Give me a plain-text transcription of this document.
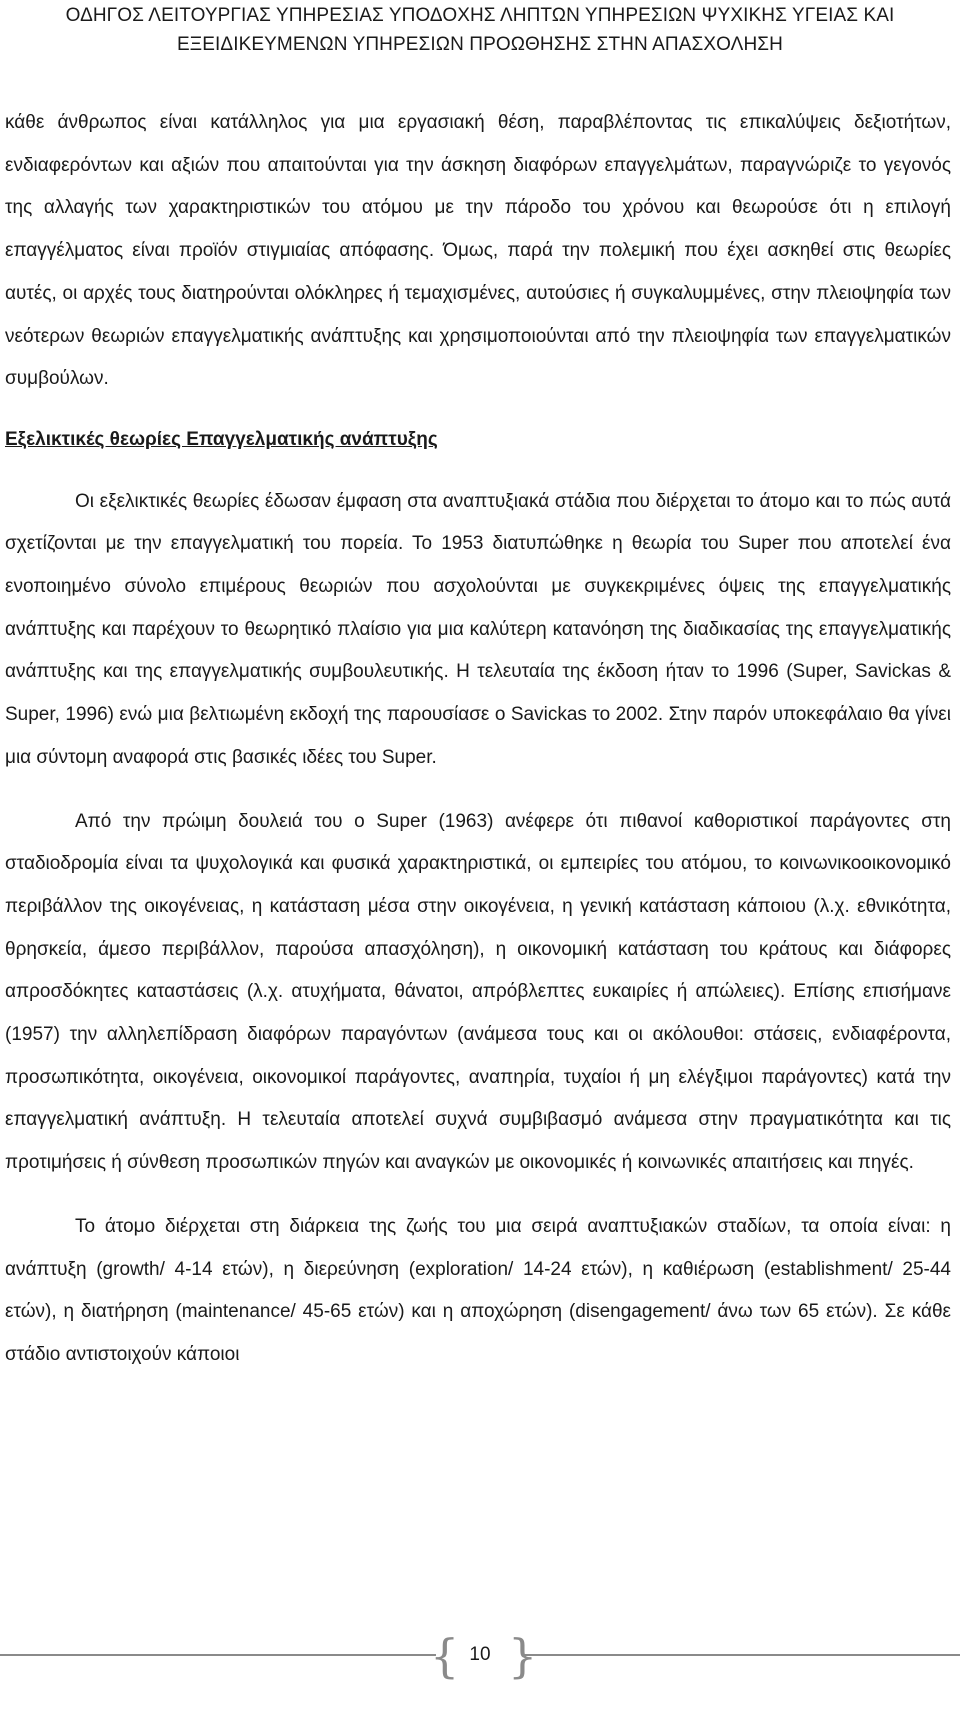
ΟΔΗΓΟΣ ΛΕΙΤΟΥΡΓΙΑΣ ΥΠΗΡΕΣΙΑΣ ΥΠΟΔΟΧΗΣ ΛΗΠΤΩΝ ΥΠΗΡΕΣΙΩΝ ΨΥΧΙΚΗΣ ΥΓΕΙΑΣ ΚΑΙ
ΕΞΕΙΔΙΚΕΥΜΕΝΩΝ ΥΠΗΡΕΣΙΩΝ ΠΡΟΩΘΗΣΗΣ ΣΤΗΝ ΑΠΑΣΧΟΛΗΣΗ

κάθε άνθρωπος είναι κατάλληλος για μια εργασιακή θέση, παραβλέποντας τις επικαλύψεις δεξιοτήτων, ενδιαφερόντων και αξιών που απαιτούνται για την άσκηση διαφόρων επαγγελμάτων, παραγνώριζε το γεγονός της αλλαγής των χαρακτηριστικών του ατόμου με την πάροδο του χρόνου και θεωρούσε ότι η επιλογή επαγγέλματος είναι προϊόν στιγμιαίας απόφασης. Όμως, παρά την πολεμική που έχει ασκηθεί στις θεωρίες αυτές, οι αρχές τους διατηρούνται ολόκληρες ή τεμαχισμένες, αυτούσιες ή συγκαλυμμένες, στην πλειοψηφία των νεότερων θεωριών επαγγελματικής ανάπτυξης και χρησιμοποιούνται από την πλειοψηφία των επαγγελματικών συμβούλων.

Εξελικτικές θεωρίες Επαγγελματικής ανάπτυξης

Οι εξελικτικές θεωρίες έδωσαν έμφαση στα αναπτυξιακά στάδια που διέρχεται το άτομο και το πώς αυτά σχετίζονται με την επαγγελματική του πορεία. Το 1953 διατυπώθηκε η θεωρία του Super που αποτελεί ένα ενοποιημένο σύνολο επιμέρους θεωριών που ασχολούνται με συγκεκριμένες όψεις της επαγγελματικής ανάπτυξης και παρέχουν το θεωρητικό πλαίσιο για μια καλύτερη κατανόηση της διαδικασίας της επαγγελματικής ανάπτυξης και της επαγγελματικής συμβουλευτικής. Η τελευταία της έκδοση ήταν το 1996 (Super, Savickas & Super, 1996) ενώ μια βελτιωμένη εκδοχή της παρουσίασε ο Savickas το 2002. Στην παρόν υποκεφάλαιο θα γίνει μια σύντομη αναφορά στις βασικές ιδέες του Super.

Από την πρώιμη δουλειά του ο Super (1963) ανέφερε ότι πιθανοί καθοριστικοί παράγοντες στη σταδιοδρομία είναι τα ψυχολογικά και φυσικά χαρακτηριστικά, οι εμπειρίες του ατόμου, το κοινωνικοοικονομικό περιβάλλον της οικογένειας, η κατάσταση μέσα στην οικογένεια, η γενική κατάσταση κάποιου (λ.χ. εθνικότητα, θρησκεία, άμεσο περιβάλλον, παρούσα απασχόληση), η οικονομική κατάσταση του κράτους και διάφορες απροσδόκητες καταστάσεις (λ.χ. ατυχήματα, θάνατοι, απρόβλεπτες ευκαιρίες ή απώλειες). Επίσης επισήμανε (1957) την αλληλεπίδραση διαφόρων παραγόντων (ανάμεσα τους και οι ακόλουθοι: στάσεις, ενδιαφέροντα, προσωπικότητα, οικογένεια, οικονομικοί παράγοντες, αναπηρία, τυχαίοι ή μη ελέγξιμοι παράγοντες) κατά την επαγγελματική ανάπτυξη. Η τελευταία αποτελεί συχνά συμβιβασμό ανάμεσα στην πραγματικότητα και τις προτιμήσεις ή σύνθεση προσωπικών πηγών και αναγκών με οικονομικές ή κοινωνικές απαιτήσεις και πηγές.

Το άτομο διέρχεται στη διάρκεια της ζωής του μια σειρά αναπτυξιακών σταδίων, τα οποία είναι: η ανάπτυξη (growth/ 4-14 ετών), η διερεύνηση (exploration/ 14-24 ετών), η καθιέρωση (establishment/ 25-44 ετών), η διατήρηση (maintenance/ 45-65 ετών) και η αποχώρηση (disengagement/ άνω των 65 ετών). Σε κάθε στάδιο αντιστοιχούν κάποιοι

{ }
10
